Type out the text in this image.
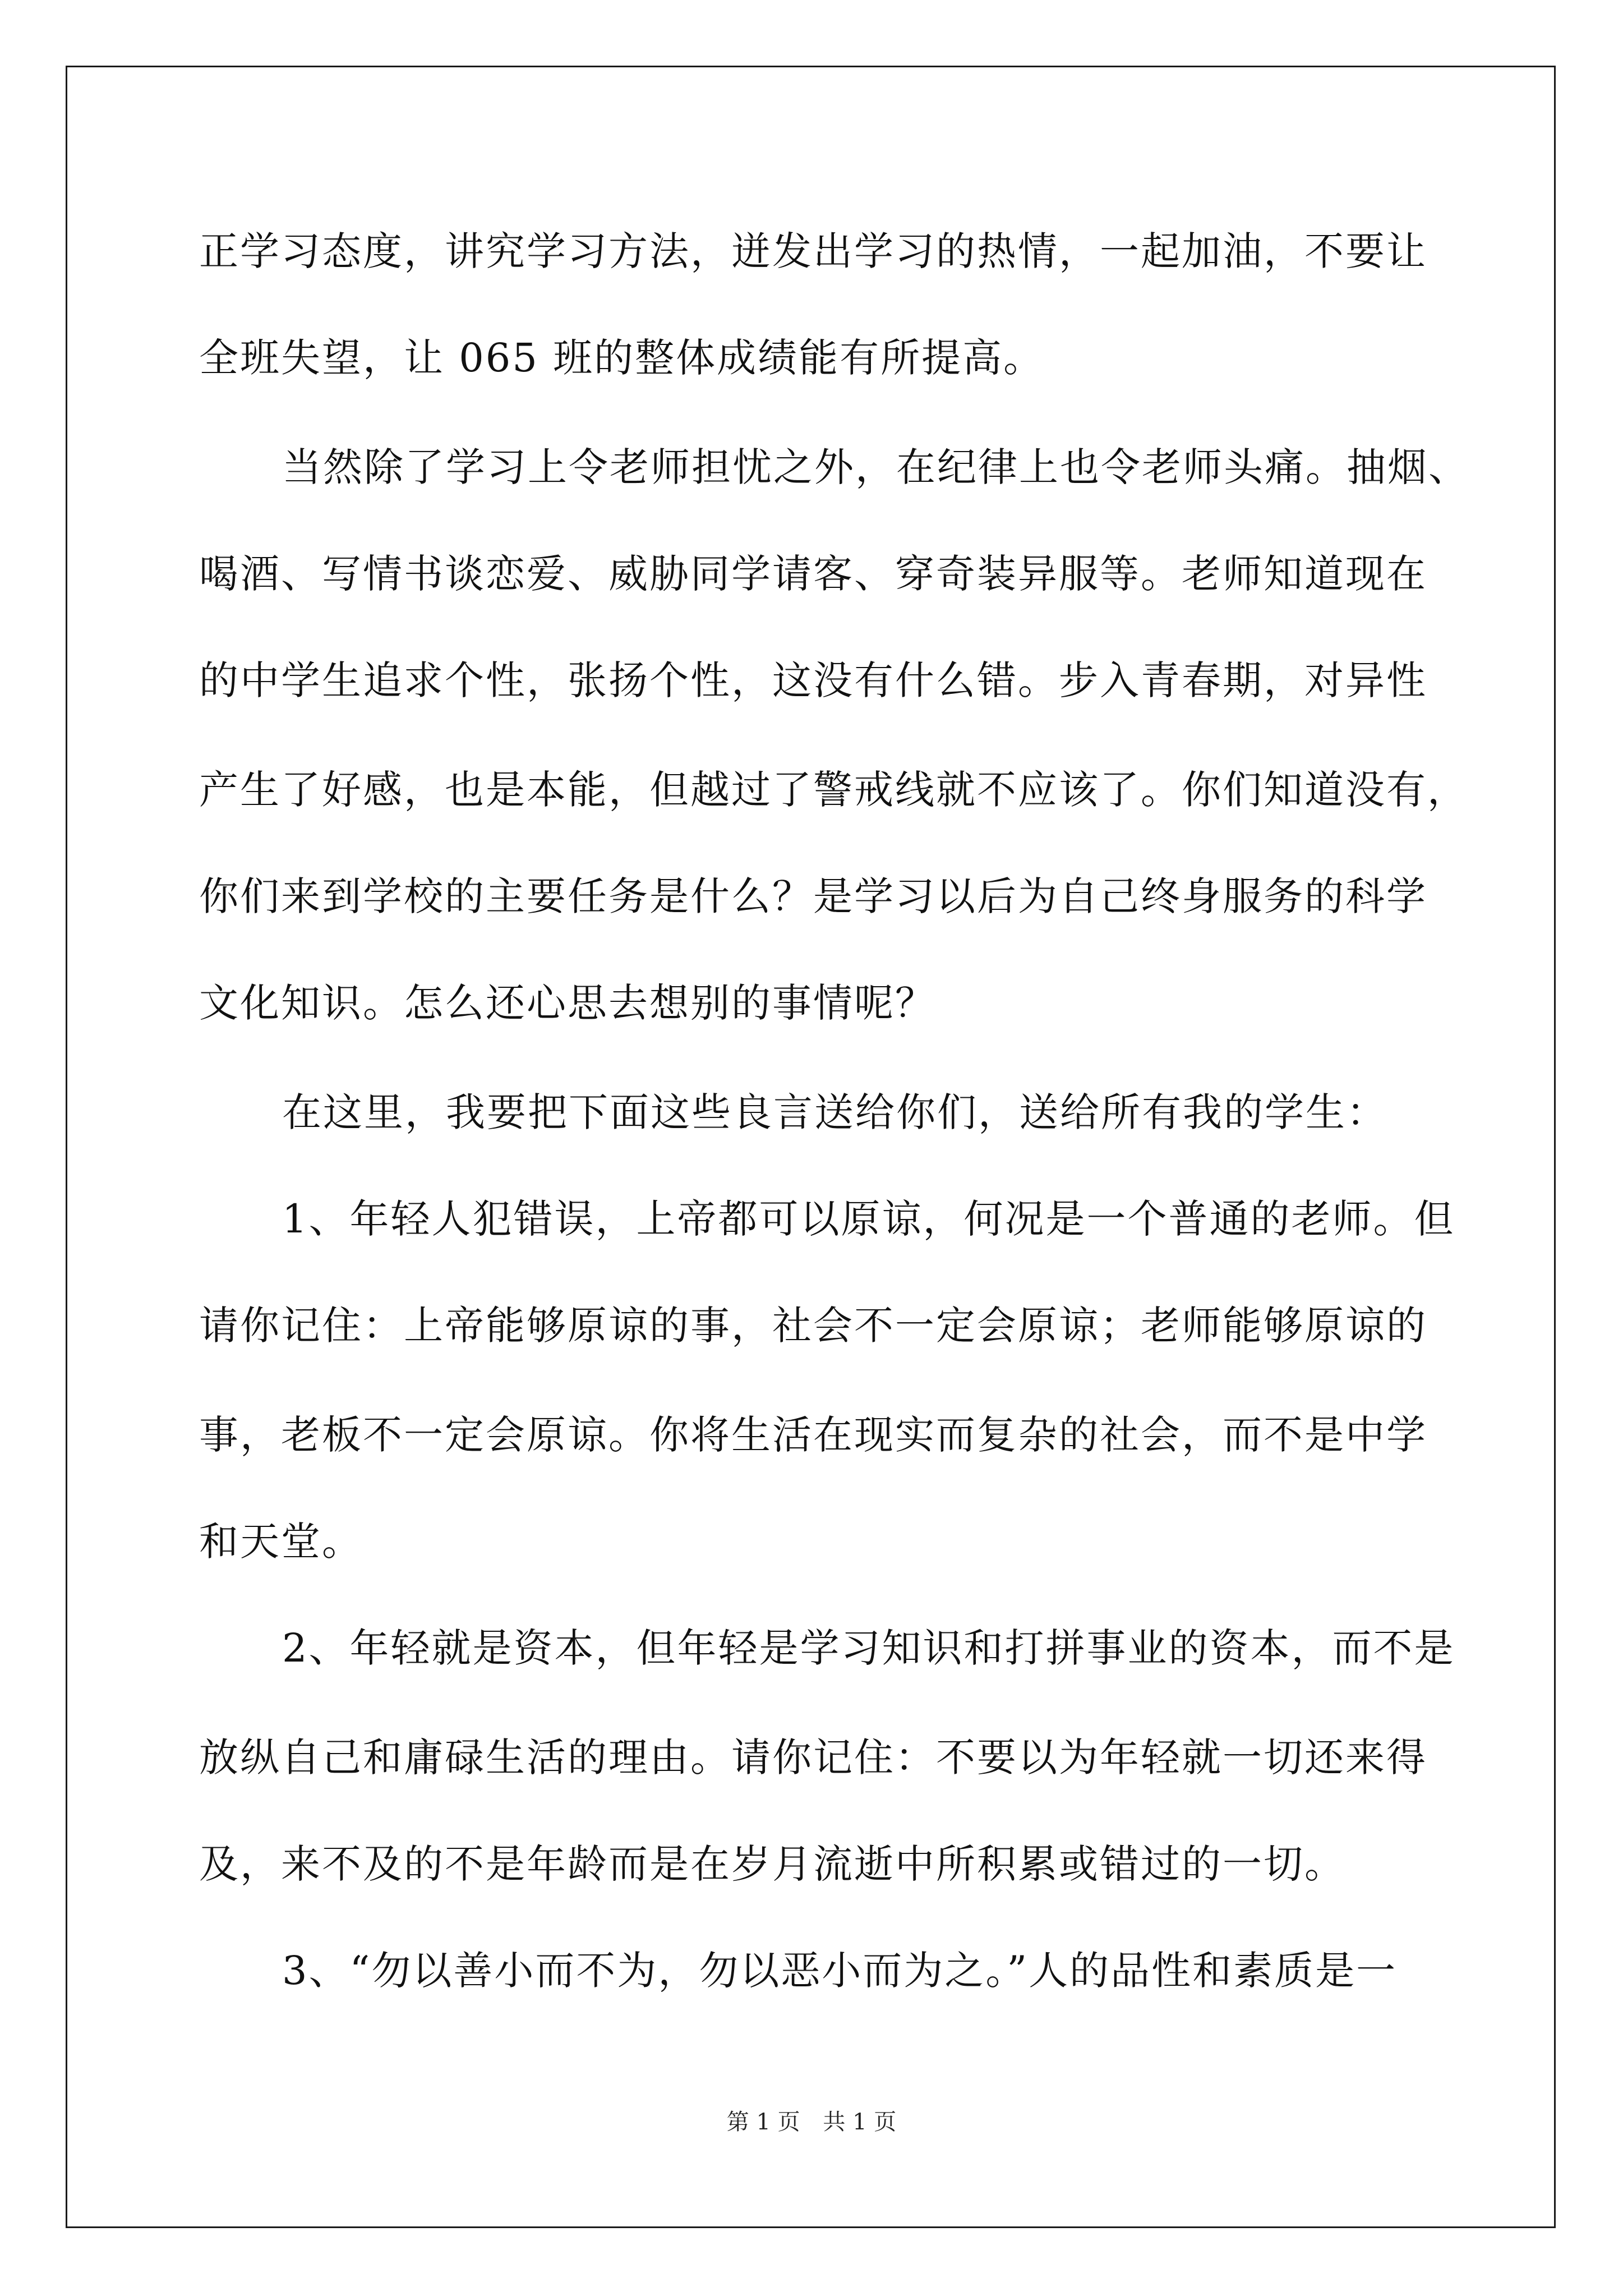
正学习态度，讲究学习方法，迸发出学习的热情，一起加油，不要让
全班失望，让 065 班的整体成绩能有所提高。
当然除了学习上令老师担忧之外，在纪律上也令老师头痛。抽烟、
喝酒、写情书谈恋爱、威胁同学请客、穿奇装异服等。老师知道现在
的中学生追求个性，张扬个性，这没有什么错。步入青春期，对异性
产生了好感，也是本能，但越过了警戒线就不应该了。你们知道没有，
你们来到学校的主要任务是什么？是学习以后为自己终身服务的科学
文化知识。怎么还心思去想别的事情呢？
在这里，我要把下面这些良言送给你们，送给所有我的学生：
1、年轻人犯错误，上帝都可以原谅，何况是一个普通的老师。但
请你记住：上帝能够原谅的事，社会不一定会原谅；老师能够原谅的
事，老板不一定会原谅。你将生活在现实而复杂的社会，而不是中学
和天堂。
2、年轻就是资本，但年轻是学习知识和打拼事业的资本，而不是
放纵自己和庸碌生活的理由。请你记住：不要以为年轻就一切还来得
及，来不及的不是年龄而是在岁月流逝中所积累或错过的一切。
3、“勿以善小而不为，勿以恶小而为之。”人的品性和素质是一
第 1 页 共 1 页
